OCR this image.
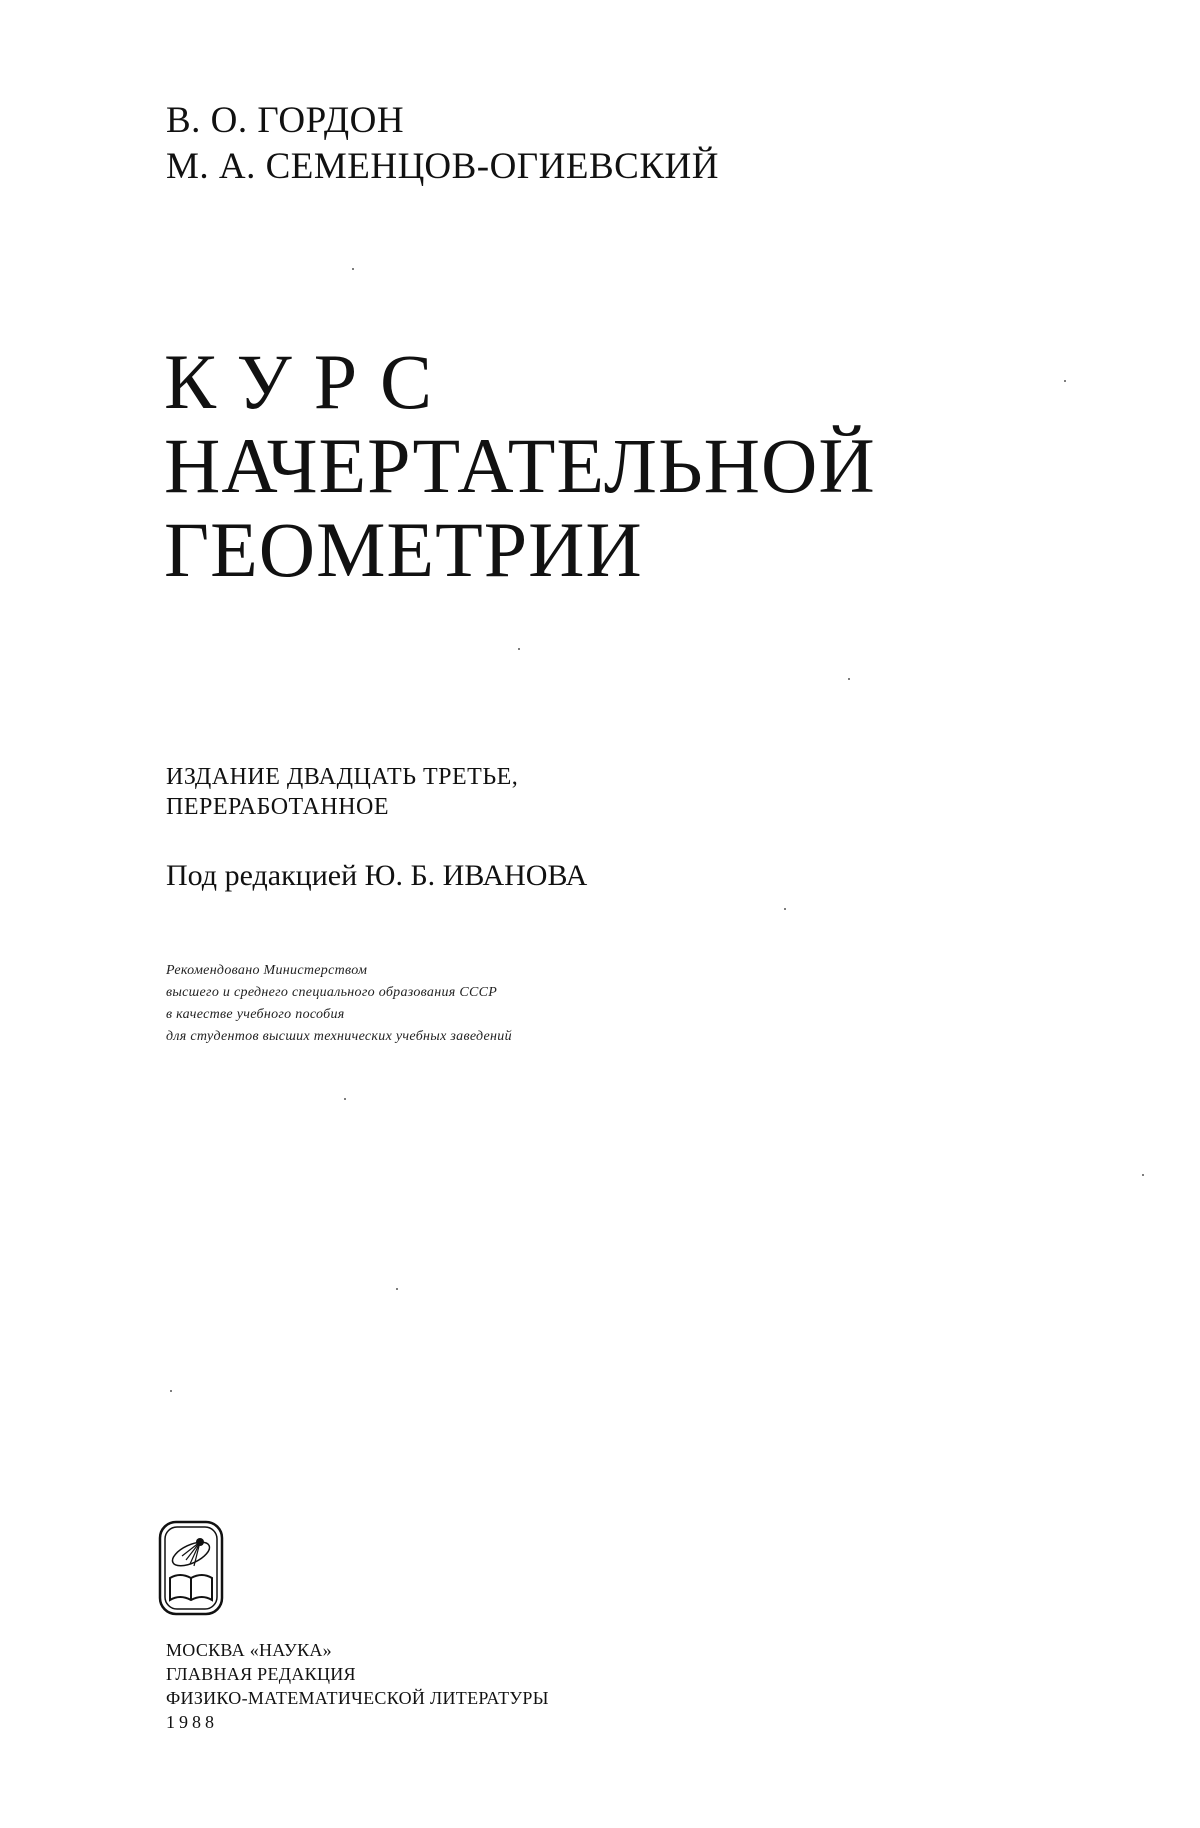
В. О. ГОРДОН
М. А. СЕМЕНЦОВ-ОГИЕВСКИЙ
КУРС
НАЧЕРТАТЕЛЬНОЙ
ГЕОМЕТРИИ
ИЗДАНИЕ ДВАДЦАТЬ ТРЕТЬЕ,
ПЕРЕРАБОТАННОЕ
Под редакцией Ю. Б. ИВАНОВА
Рекомендовано Министерством
высшего и среднего специального образования СССР
в качестве учебного пособия
для студентов высших технических учебных заведений
МОСКВА «НАУКА»
ГЛАВНАЯ РЕДАКЦИЯ
ФИЗИКО-МАТЕМАТИЧЕСКОЙ ЛИТЕРАТУРЫ
1988
